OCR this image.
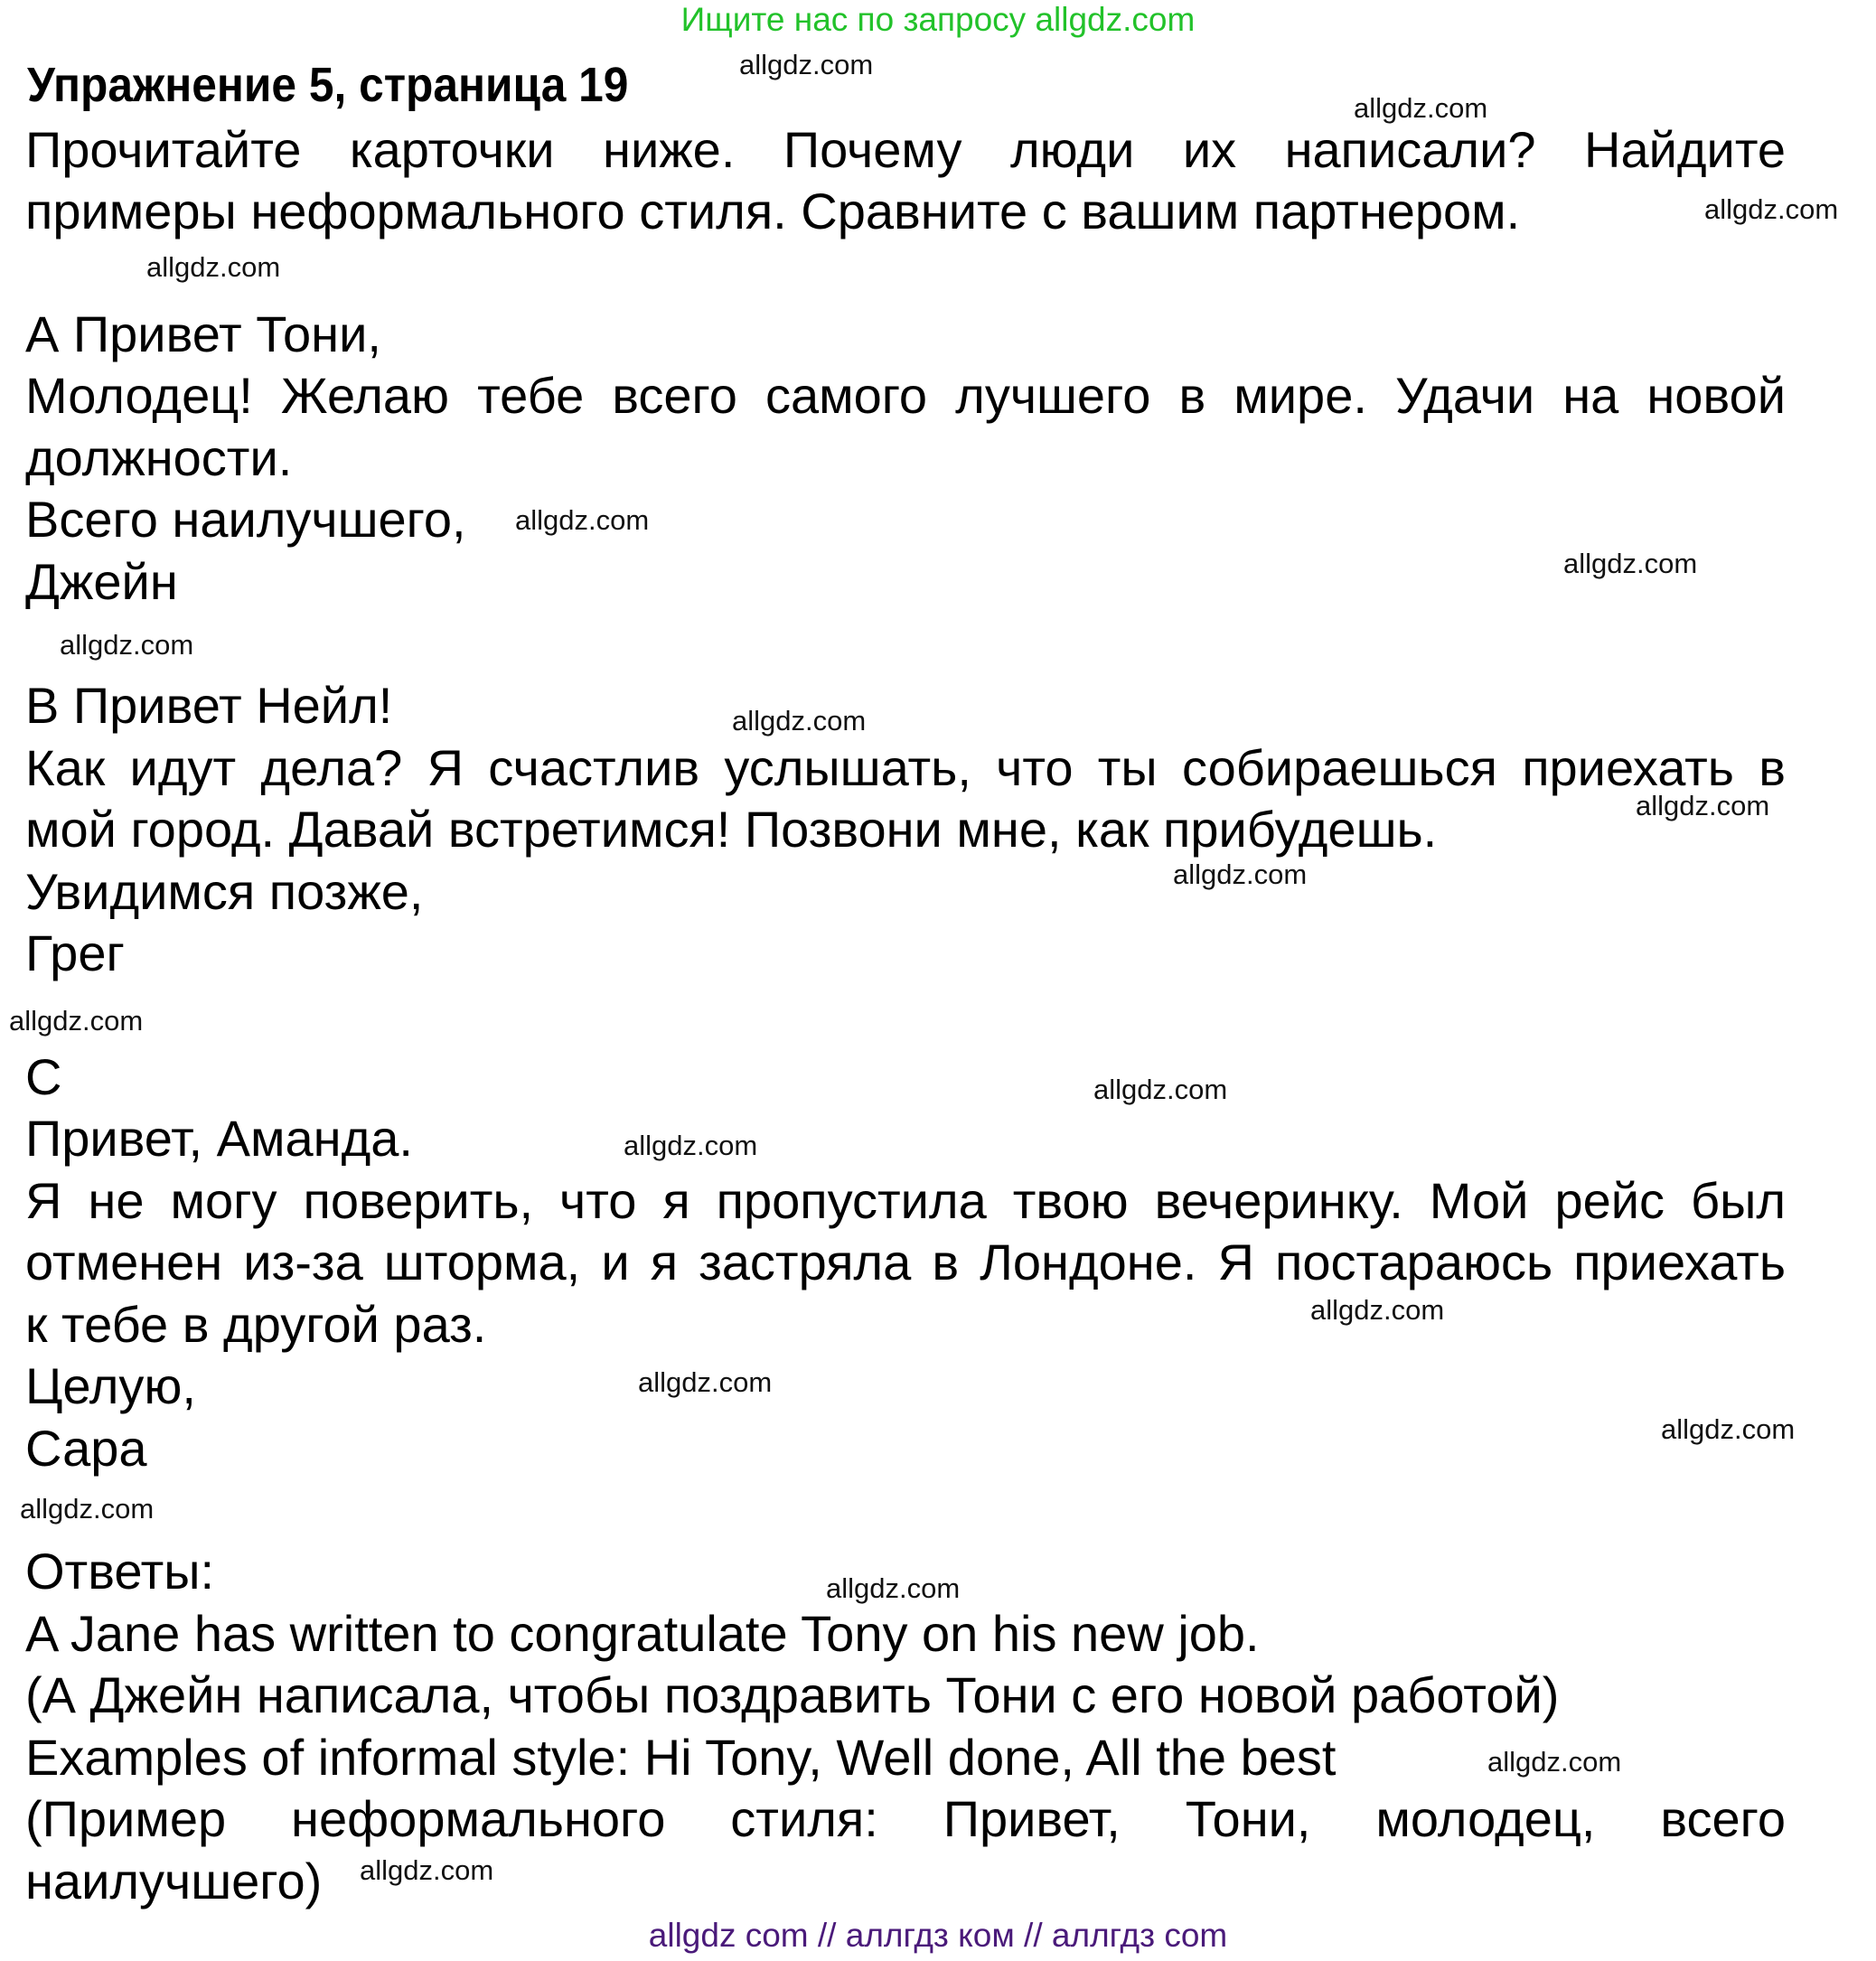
Ищите нас по запросу allgdz.com
Упражнение 5, страница 19
Прочитайте карточки ниже. Почему люди их написали? Найдите
примеры неформального стиля. Сравните с вашим партнером.
А Привет Тони,
Молодец! Желаю тебе всего самого лучшего в мире. Удачи на новой
должности.
Всего наилучшего,
Джейн
В Привет Нейл!
Как идут дела? Я счастлив услышать, что ты собираешься приехать в
мой город. Давай встретимся! Позвони мне, как прибудешь.
Увидимся позже,
Грег
С
Привет, Аманда.
Я не могу поверить, что я пропустила твою вечеринку. Мой рейс был
отменен из-за шторма, и я застряла в Лондоне. Я постараюсь приехать
к тебе в другой раз.
Целую,
Сара
Ответы:
A Jane has written to congratulate Tony on his new job.
(А Джейн написала, чтобы поздравить Тони с его новой работой)
Examples of informal style: Hi Tony, Well done, All the best
(Пример неформального стиля: Привет, Тони, молодец, всего
наилучшего)
allgdz.com
allgdz.com
allgdz.com
allgdz.com
allgdz.com
allgdz.com
allgdz.com
allgdz.com
allgdz.com
allgdz.com
allgdz.com
allgdz.com
allgdz.com
allgdz.com
allgdz.com
allgdz.com
allgdz.com
allgdz.com
allgdz.com
allgdz.com
allgdz com // аллгдз ком // аллгдз com
